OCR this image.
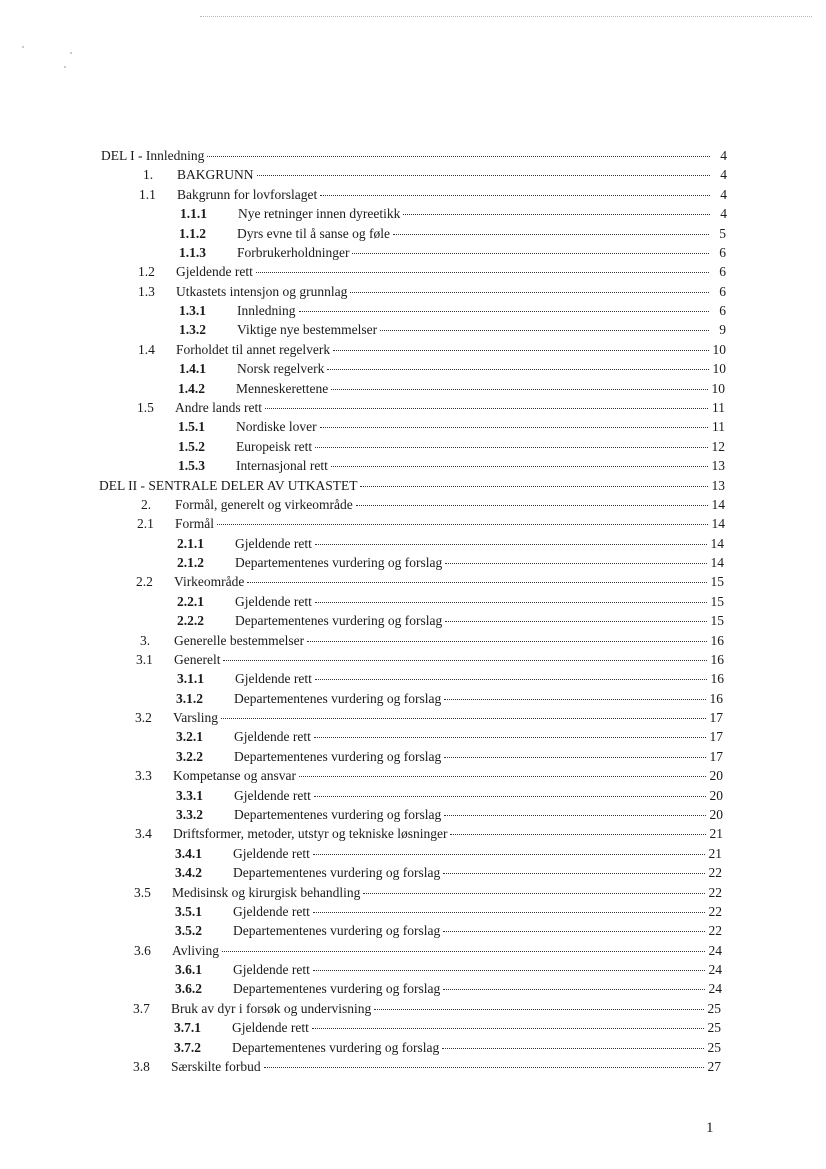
DEL I - Innledning	4
1.	BAKGRUNN	4
1.1	Bakgrunn for lovforslaget	4
1.1.1	Nye retninger innen dyreetikk	4
1.1.2	Dyrs evne til å sanse og føle	5
1.1.3	Forbrukerholdninger	6
1.2	Gjeldende rett	6
1.3	Utkastets intensjon og grunnlag	6
1.3.1	Innledning	6
1.3.2	Viktige nye bestemmelser	9
1.4	Forholdet til annet regelverk	10
1.4.1	Norsk regelverk	10
1.4.2	Menneskerettene	10
1.5	Andre lands rett	11
1.5.1	Nordiske lover	11
1.5.2	Europeisk rett	12
1.5.3	Internasjonal rett	13
DEL II - SENTRALE DELER AV UTKASTET	13
2.	Formål, generelt og virkeområde	14
2.1	Formål	14
2.1.1	Gjeldende rett	14
2.1.2	Departementenes vurdering og forslag	14
2.2	Virkeområde	15
2.2.1	Gjeldende rett	15
2.2.2	Departementenes vurdering og forslag	15
3.	Generelle bestemmelser	16
3.1	Generelt	16
3.1.1	Gjeldende rett	16
3.1.2	Departementenes vurdering og forslag	16
3.2	Varsling	17
3.2.1	Gjeldende rett	17
3.2.2	Departementenes vurdering og forslag	17
3.3	Kompetanse og ansvar	20
3.3.1	Gjeldende rett	20
3.3.2	Departementenes vurdering og forslag	20
3.4	Driftsformer, metoder, utstyr og tekniske løsninger	21
3.4.1	Gjeldende rett	21
3.4.2	Departementenes vurdering og forslag	22
3.5	Medisinsk og kirurgisk behandling	22
3.5.1	Gjeldende rett	22
3.5.2	Departementenes vurdering og forslag	22
3.6	Avliving	24
3.6.1	Gjeldende rett	24
3.6.2	Departementenes vurdering og forslag	24
3.7	Bruk av dyr i forsøk og undervisning	25
3.7.1	Gjeldende rett	25
3.7.2	Departementenes vurdering og forslag	25
3.8	Særskilte forbud	27
1
